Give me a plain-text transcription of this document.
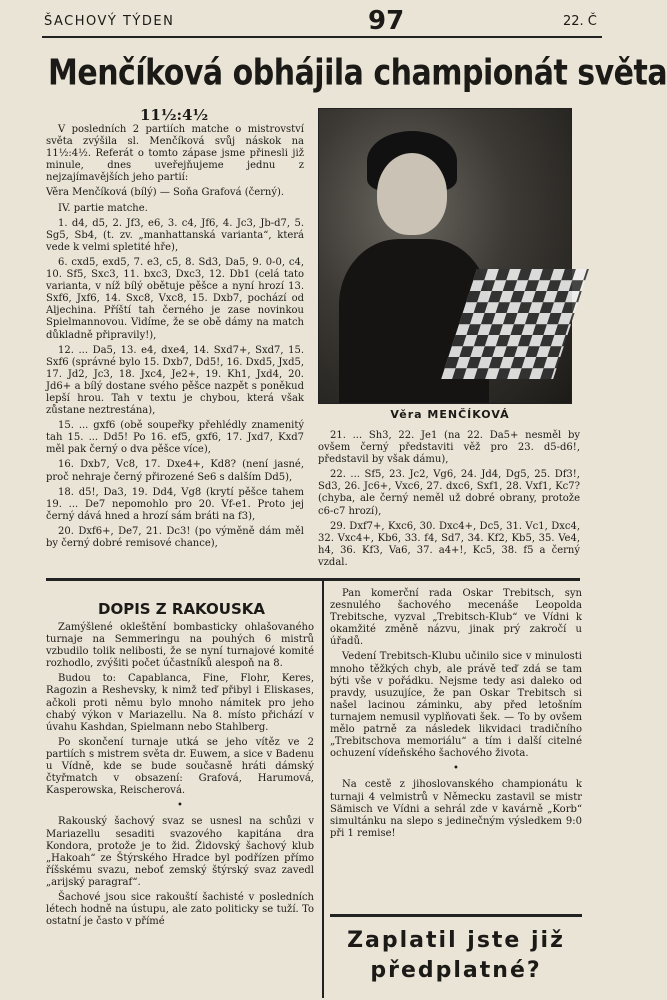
ŠACHOVÝ TÝDEN	97	22. Č
Menčíková obhájila championát světa
11½:4½

V posledních 2 partiích matche o mistrovství světa zvýšila sl. Menčíková svůj náskok na 11½:4½. Referát o tomto zápase jsme přinesli již minule, dnes uveřejňujeme jednu z nejzajímavějších jeho partií:

Věra Menčíková (bílý) — Soňa Grafová (černý).

IV. partie matche.

1. d4, d5, 2. Jf3, e6, 3. c4, Jf6, 4. Jc3, Jb-d7, 5. Sg5, Sb4, (t. zv. „manhattanská varianta“, která vede k velmi spletité hře),

6. cxd5, exd5, 7. e3, c5, 8. Sd3, Da5, 9. 0-0, c4, 10. Sf5, Sxc3, 11. bxc3, Dxc3, 12. Db1 (celá tato varianta, v níž bílý obětuje pěšce a nyní hrozí 13. Sxf6, Jxf6, 14. Sxc8, Vxc8, 15. Dxb7, pochází od Aljechina. Příští tah černého je zase novinkou Spielmannovou. Vidíme, že se obě dámy na match důkladně připravily!),

12. ... Da5, 13. e4, dxe4, 14. Sxd7+, Sxd7, 15. Sxf6 (správné bylo 15. Dxb7, Dd5!, 16. Dxd5, Jxd5, 17. Jd2, Jc3, 18. Jxc4, Je2+, 19. Kh1, Jxd4, 20. Jd6+ a bílý dostane svého pěšce nazpět s poněkud lepší hrou. Tah v textu je chybou, která však zůstane neztrestána),

15. ... gxf6 (obě soupeřky přehlédly znamenitý tah 15. ... Dd5! Po 16. ef5, gxf6, 17. Jxd7, Kxd7 měl pak černý o dva pěšce více),

16. Dxb7, Vc8, 17. Dxe4+, Kd8? (není jasné, proč nehraje černý přirozené Se6 s dalším Dd5),

18. d5!, Da3, 19. Dd4, Vg8 (krytí pěšce tahem 19. ... De7 nepomohlo pro 20. Vf-e1. Proto jej černý dává hned a hrozí sám bráti na f3),

20. Dxf6+, De7, 21. Dc3! (po výměně dám měl by černý dobré remisové chance),

Věra MENČÍKOVÁ

21. ... Sh3, 22. Je1 (na 22. Da5+ nesměl by ovšem černý představiti věž pro 23. d5-d6!, představil by však dámu),

22. ... Sf5, 23. Jc2, Vg6, 24. Jd4, Dg5, 25. Df3!, Sd3, 26. Jc6+, Vxc6, 27. dxc6, Sxf1, 28. Vxf1, Kc7? (chyba, ale černý neměl už dobré obrany, protože c6-c7 hrozí),

29. Dxf7+, Kxc6, 30. Dxc4+, Dc5, 31. Vc1, Dxc4, 32. Vxc4+, Kb6, 33. f4, Sd7, 34. Kf2, Kb5, 35. Ve4, h4, 36. Kf3, Va6, 37. a4+!, Kc5, 38. f5 a černý vzdal.

DOPIS Z RAKOUSKA

Zamýšlené okleštění bombasticky ohlašovaného turnaje na Semmeringu na pouhých 6 mistrů vzbudilo tolik nelibosti, že se nyní turnajové komité rozhodlo, zvýšiti počet účastníků alespoň na 8.

Budou to: Capablanca, Fine, Flohr, Keres, Ragozin a Reshevsky, k nimž teď přibyl i Eliskases, ačkoli proti němu bylo mnoho námitek pro jeho chabý výkon v Mariazellu. Na 8. místo přichází v úvahu Kashdan, Spielmann nebo Stahlberg.

Po skončení turnaje utká se jeho vítěz ve 2 partiích s mistrem světa dr. Euwem, a sice v Badenu u Vídně, kde se bude současně hráti dámský čtyřmatch v obsazení: Grafová, Harumová, Kasperowska, Reischerová.

•

Rakouský šachový svaz se usnesl na schůzi v Mariazellu sesaditi svazového kapitána dra Kondora, protože je to žid. Židovský šachový klub „Hakoah“ ze Štýrského Hradce byl podřízen přímo říšskému svazu, neboť zemský štýrský svaz zavedl „arijský paragraf“.

Šachové jsou sice rakouští šachisté v posledních létech hodně na ústupu, ale zato politicky se tuží. To ostatní je často v přímé

Pan komerční rada Oskar Trebitsch, syn zesnulého šachového mecenáše Leopolda Trebitsche, vyzval „Trebitsch-Klub“ ve Vídni k okamžité změně názvu, jinak prý zakročí u úřadů.

Vedení Trebitsch-Klubu učinilo sice v minulosti mnoho těžkých chyb, ale právě teď zdá se tam býti vše v pořádku. Nejsme tedy asi daleko od pravdy, usuzujíce, že pan Oskar Trebitsch si našel lacinou záminku, aby před letošním turnajem nemusil vyplňovati šek. — To by ovšem mělo patrně za následek likvidaci tradičního „Trebitschova memoriálu“ a tím i další citelné ochuzení vídeňského šachového života.

•

Na cestě z jihoslovanského championátu k turnaji 4 velmistrů v Německu zastavil se mistr Sämisch ve Vídni a sehrál zde v kavárně „Korb“ simultánku na slepo s jedinečným výsledkem 9:0 při 1 remise!

Zaplatil jste již
předplatné?
